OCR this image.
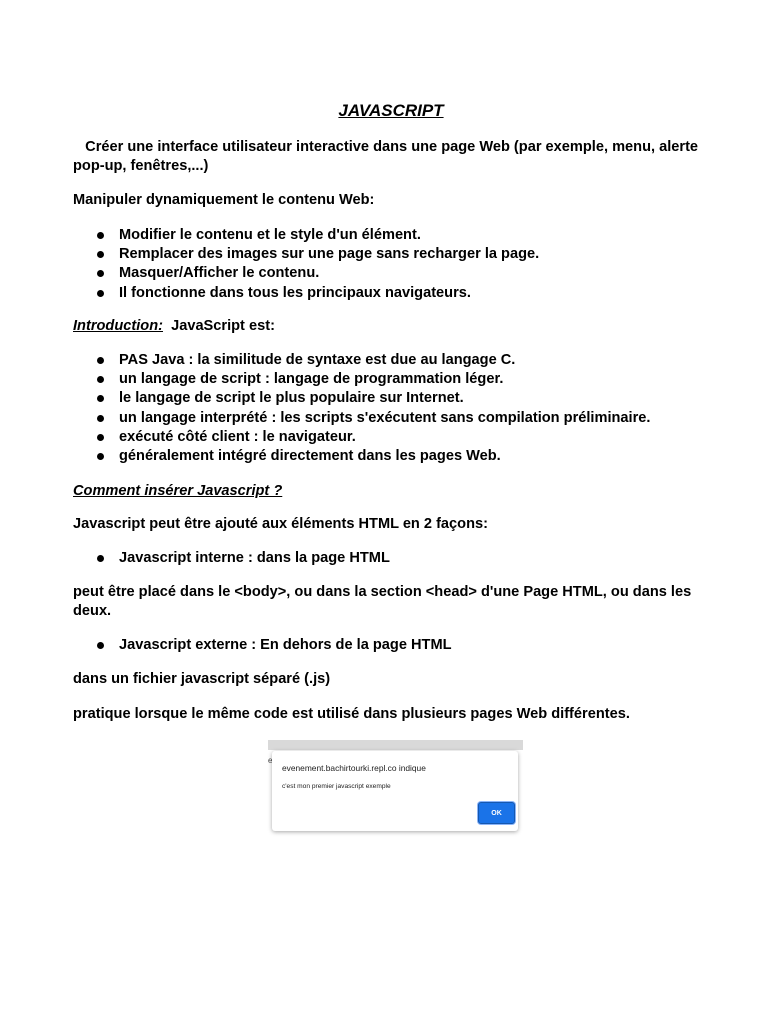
JAVASCRIPT
Créer une interface utilisateur interactive dans une page Web (par exemple, menu, alerte pop-up, fenêtres,...)
Manipuler dynamiquement le contenu Web:
Modifier le contenu et le style d'un élément.
Remplacer des images sur une page sans recharger la page.
Masquer/Afficher le contenu.
Il fonctionne dans tous les principaux navigateurs.
Introduction: JavaScript est:
PAS Java : la similitude de syntaxe est due au langage C.
un langage de script : langage de programmation léger.
le langage de script le plus populaire sur Internet.
un langage interprété : les scripts s'exécutent sans compilation préliminaire.
exécuté côté client : le navigateur.
généralement intégré directement dans les pages Web.
Comment insérer Javascript ?
Javascript peut être ajouté aux éléments HTML en 2 façons:
Javascript interne : dans la page HTML
peut être placé dans le <body>, ou dans la section <head> d'une Page HTML, ou dans les deux.
Javascript externe : En dehors de la page HTML
dans un fichier javascript séparé (.js)
pratique lorsque le même code est utilisé dans plusieurs pages Web différentes.
e
evenement.bachirtourki.repl.co indique
c'est mon premier javascript exemple
OK
